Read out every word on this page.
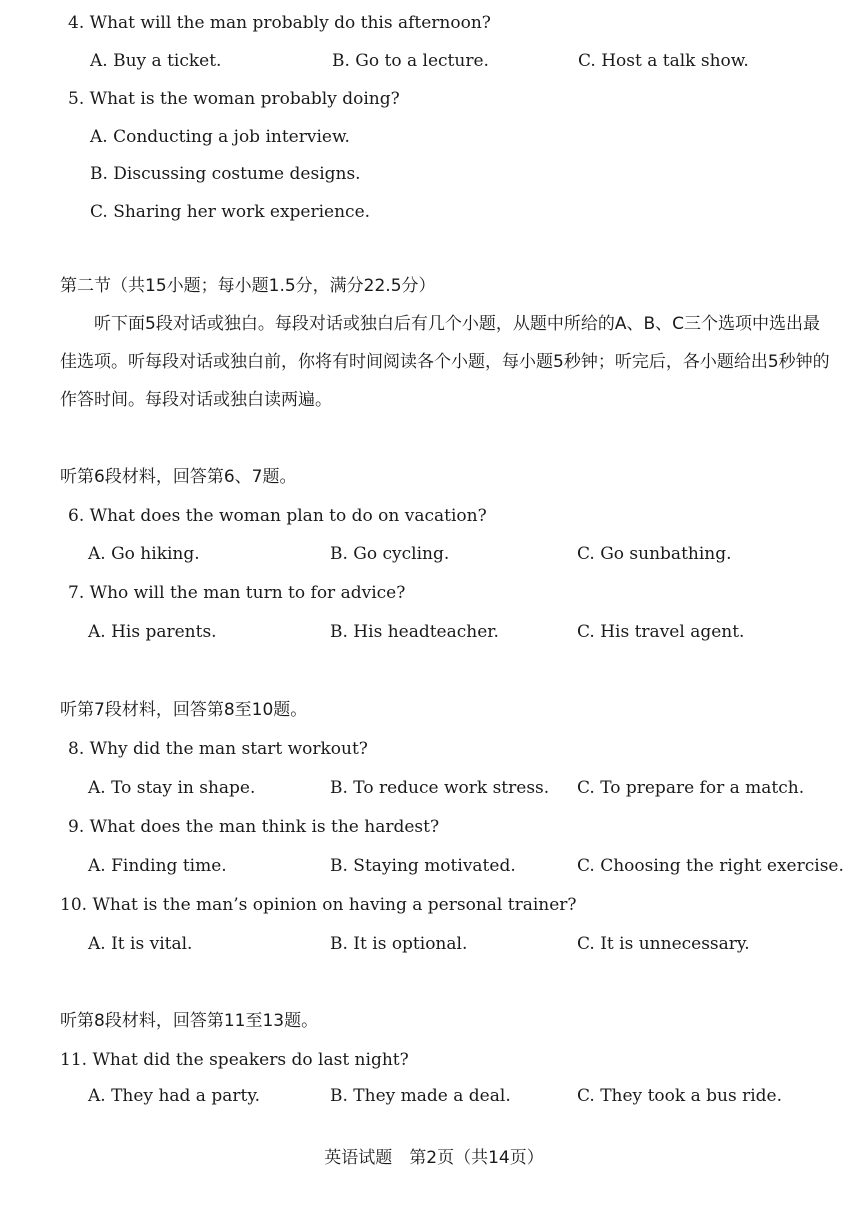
4. What will the man probably do this afternoon?
A. Buy a ticket.	B. Go to a lecture.	C. Host a talk show.
5. What is the woman probably doing?
A. Conducting a job interview.
B. Discussing costume designs.
C. Sharing her work experience.
第二节（共15小题；每小题1.5分，满分22.5分）
听下面5段对话或独白。每段对话或独白后有几个小题，从题中所给的A、B、C三个选项中选出最佳选项。听每段对话或独白前，你将有时间阅读各个小题，每小题5秒钟；听完后，各小题给出5秒钟的作答时间。每段对话或独白读两遍。
听第6段材料，回答第6、7题。
6. What does the woman plan to do on vacation?
A. Go hiking.	B. Go cycling.	C. Go sunbathing.
7. Who will the man turn to for advice?
A. His parents.	B. His headteacher.	C. His travel agent.
听第7段材料，回答第8至10题。
8. Why did the man start workout?
A. To stay in shape.	B. To reduce work stress. C. To prepare for a match.
9. What does the man think is the hardest?
A. Finding time.	B. Staying motivated.	C. Choosing the right exercise.
10. What is the man’s opinion on having a personal trainer?
A. It is vital.	B. It is optional.	C. It is unnecessary.
听第8段材料，回答第11至13题。
11. What did the speakers do last night?
A. They had a party.	B. They made a deal.	C. They took a bus ride.
英语试题　第2页（共14页）
